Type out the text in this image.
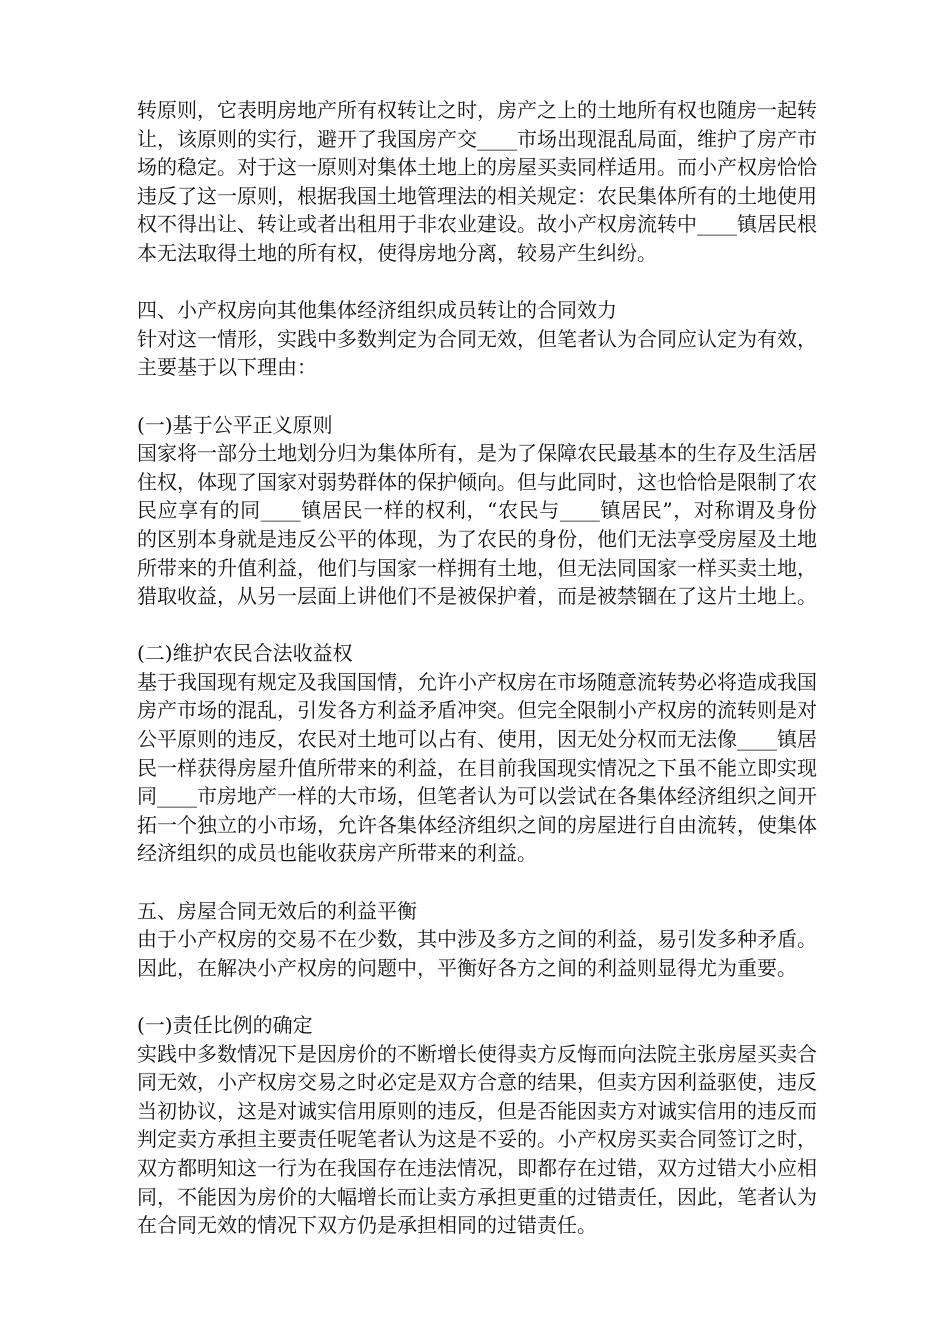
转原则，它表明房地产所有权转让之时，房产之上的土地所有权也随房一起转让，该原则的实行，避开了我国房产交____市场出现混乱局面，维护了房产市场的稳定。对于这一原则对集体土地上的房屋买卖同样适用。而小产权房恰恰违反了这一原则，根据我国土地管理法的相关规定：农民集体所有的土地使用权不得出让、转让或者出租用于非农业建设。故小产权房流转中____镇居民根本无法取得土地的所有权，使得房地分离，较易产生纠纷。

四、小产权房向其他集体经济组织成员转让的合同效力

针对这一情形，实践中多数判定为合同无效，但笔者认为合同应认定为有效，主要基于以下理由：

(一)基于公平正义原则

国家将一部分土地划分归为集体所有，是为了保障农民最基本的生存及生活居住权，体现了国家对弱势群体的保护倾向。但与此同时，这也恰恰是限制了农民应享有的同____镇居民一样的权利，“农民与____镇居民”，对称谓及身份的区别本身就是违反公平的体现，为了农民的身份，他们无法享受房屋及土地所带来的升值利益，他们与国家一样拥有土地，但无法同国家一样买卖土地，猎取收益，从另一层面上讲他们不是被保护着，而是被禁锢在了这片土地上。

(二)维护农民合法收益权

基于我国现有规定及我国国情，允许小产权房在市场随意流转势必将造成我国房产市场的混乱，引发各方利益矛盾冲突。但完全限制小产权房的流转则是对公平原则的违反，农民对土地可以占有、使用，因无处分权而无法像____镇居民一样获得房屋升值所带来的利益，在目前我国现实情况之下虽不能立即实现同____市房地产一样的大市场，但笔者认为可以尝试在各集体经济组织之间开拓一个独立的小市场，允许各集体经济组织之间的房屋进行自由流转，使集体经济组织的成员也能收获房产所带来的利益。

五、房屋合同无效后的利益平衡

由于小产权房的交易不在少数，其中涉及多方之间的利益，易引发多种矛盾。因此，在解决小产权房的问题中，平衡好各方之间的利益则显得尤为重要。

(一)责任比例的确定

实践中多数情况下是因房价的不断增长使得卖方反悔而向法院主张房屋买卖合同无效，小产权房交易之时必定是双方合意的结果，但卖方因利益驱使，违反当初协议，这是对诚实信用原则的违反，但是否能因卖方对诚实信用的违反而判定卖方承担主要责任呢笔者认为这是不妥的。小产权房买卖合同签订之时，双方都明知这一行为在我国存在违法情况，即都存在过错，双方过错大小应相同，不能因为房价的大幅增长而让卖方承担更重的过错责任，因此，笔者认为在合同无效的情况下双方仍是承担相同的过错责任。
